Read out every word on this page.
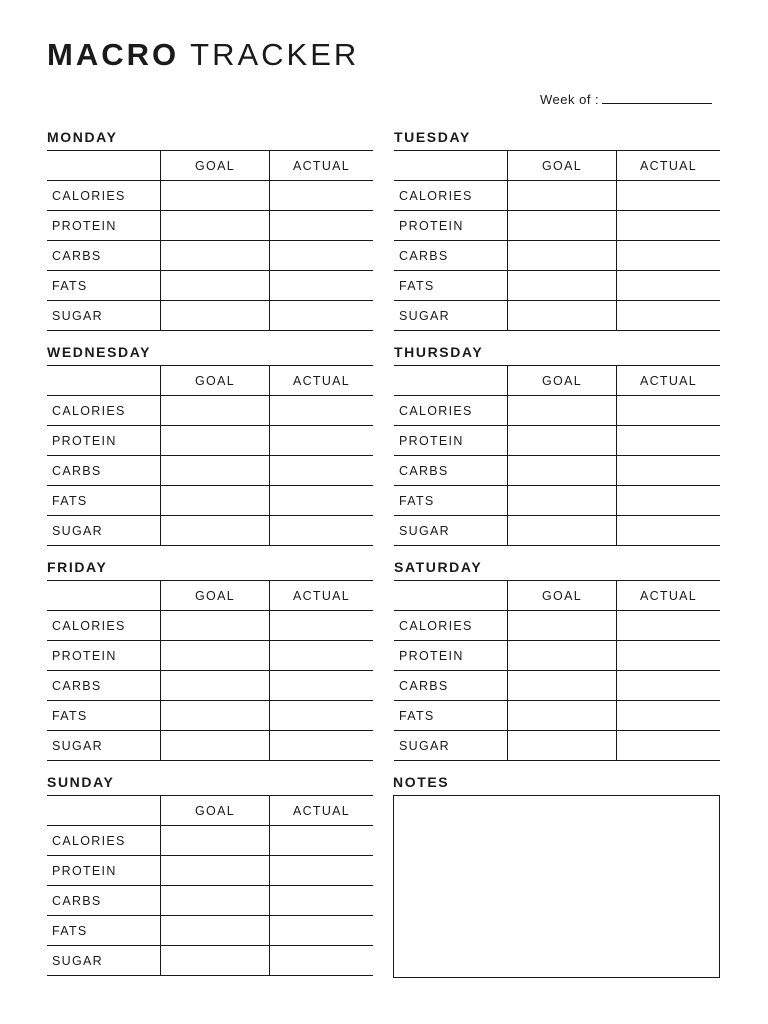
MACRO TRACKER
Week of :
MONDAY
	GOAL	ACTUAL
CALORIES		
PROTEIN		
CARBS		
FATS		
SUGAR		
TUESDAY
	GOAL	ACTUAL
CALORIES		
PROTEIN		
CARBS		
FATS		
SUGAR		
WEDNESDAY
	GOAL	ACTUAL
CALORIES		
PROTEIN		
CARBS		
FATS		
SUGAR		
THURSDAY
	GOAL	ACTUAL
CALORIES		
PROTEIN		
CARBS		
FATS		
SUGAR		
FRIDAY
	GOAL	ACTUAL
CALORIES		
PROTEIN		
CARBS		
FATS		
SUGAR		
SATURDAY
	GOAL	ACTUAL
CALORIES		
PROTEIN		
CARBS		
FATS		
SUGAR		
SUNDAY
	GOAL	ACTUAL
CALORIES		
PROTEIN		
CARBS		
FATS		
SUGAR		
NOTES
